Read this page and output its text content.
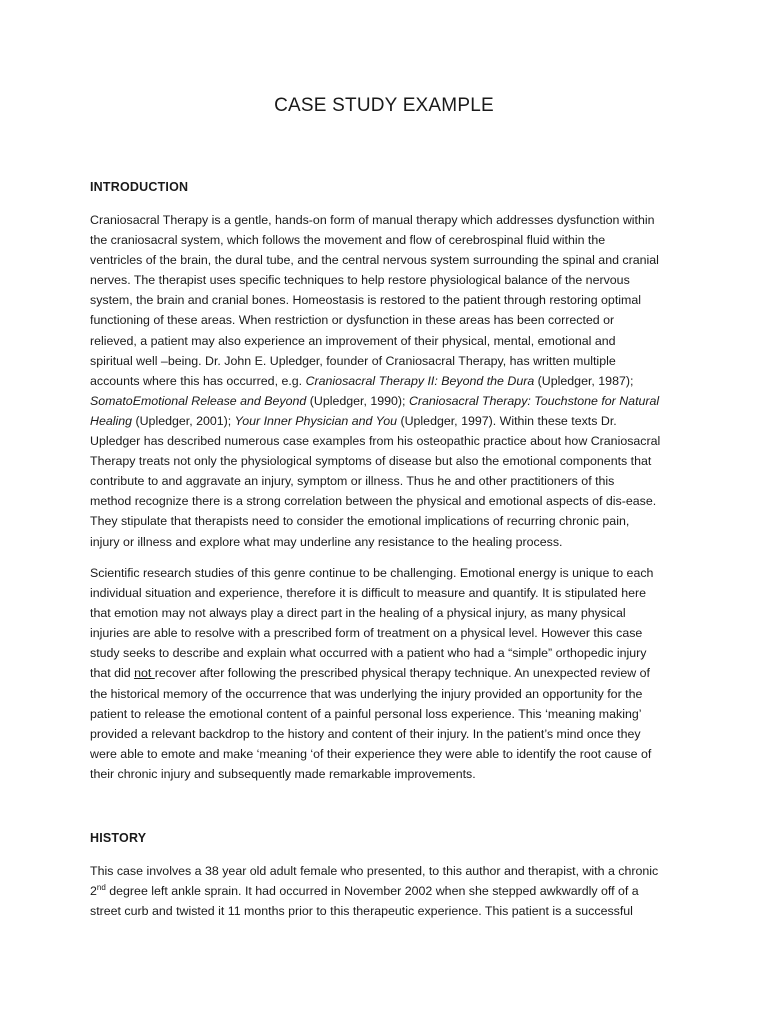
CASE STUDY EXAMPLE
INTRODUCTION

Craniosacral Therapy is a gentle, hands-on form of manual therapy which addresses dysfunction within
the craniosacral system, which follows the movement and flow of cerebrospinal fluid within the
ventricles of the brain, the dural tube, and the central nervous system surrounding the spinal and cranial
nerves. The therapist uses specific techniques to help restore physiological balance of the nervous
system, the brain and cranial bones. Homeostasis is restored to the patient through restoring optimal
functioning of these areas. When restriction or dysfunction in these areas has been corrected or
relieved, a patient may also experience an improvement of their physical, mental, emotional and
spiritual well –being. Dr. John E. Upledger, founder of Craniosacral Therapy, has written multiple
accounts where this has occurred, e.g. Craniosacral Therapy II: Beyond the Dura (Upledger, 1987);
SomatoEmotional Release and Beyond (Upledger, 1990); Craniosacral Therapy: Touchstone for Natural
Healing (Upledger, 2001); Your Inner Physician and You (Upledger, 1997). Within these texts Dr.
Upledger has described numerous case examples from his osteopathic practice about how Craniosacral
Therapy treats not only the physiological symptoms of disease but also the emotional components that
contribute to and aggravate an injury, symptom or illness. Thus he and other practitioners of this
method recognize there is a strong correlation between the physical and emotional aspects of dis-ease.
They stipulate that therapists need to consider the emotional implications of recurring chronic pain,
injury or illness and explore what may underline any resistance to the healing process.

Scientific research studies of this genre continue to be challenging. Emotional energy is unique to each
individual situation and experience, therefore it is difficult to measure and quantify. It is stipulated here
that emotion may not always play a direct part in the healing of a physical injury, as many physical
injuries are able to resolve with a prescribed form of treatment on a physical level. However this case
study seeks to describe and explain what occurred with a patient who had a “simple” orthopedic injury
that did not recover after following the prescribed physical therapy technique. An unexpected review of
the historical memory of the occurrence that was underlying the injury provided an opportunity for the
patient to release the emotional content of a painful personal loss experience. This ‘meaning making’
provided a relevant backdrop to the history and content of their injury. In the patient’s mind once they
were able to emote and make ‘meaning ‘of their experience they were able to identify the root cause of
their chronic injury and subsequently made remarkable improvements.

HISTORY

This case involves a 38 year old adult female who presented, to this author and therapist, with a chronic
2nd degree left ankle sprain. It had occurred in November 2002 when she stepped awkwardly off of a
street curb and twisted it 11 months prior to this therapeutic experience. This patient is a successful
